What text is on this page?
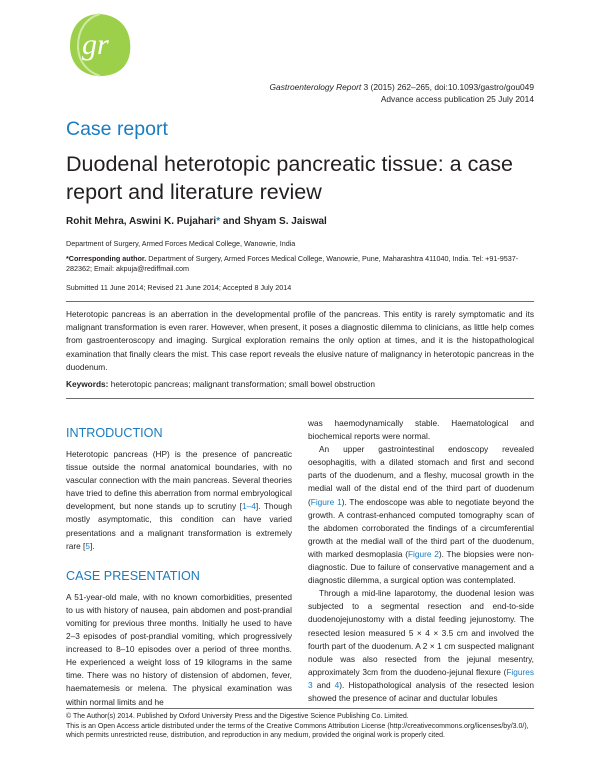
gr
Gastroenterology Report 3 (2015) 262–265, doi:10.1093/gastro/gou049
Advance access publication 25 July 2014
Case report
Duodenal heterotopic pancreatic tissue: a case report and literature review
Rohit Mehra, Aswini K. Pujahari* and Shyam S. Jaiswal
Department of Surgery, Armed Forces Medical College, Wanowrie, India
*Corresponding author. Department of Surgery, Armed Forces Medical College, Wanowrie, Pune, Maharashtra 411040, India. Tel: +91-9537-282362; Email: akpuja@rediffmail.com
Submitted 11 June 2014; Revised 21 June 2014; Accepted 8 July 2014
Heterotopic pancreas is an aberration in the developmental profile of the pancreas. This entity is rarely symptomatic and its malignant transformation is even rarer. However, when present, it poses a diagnostic dilemma to clinicians, as little help comes from gastroenteroscopy and imaging. Surgical exploration remains the only option at times, and it is the histopathological examination that finally clears the mist. This case report reveals the elusive nature of malignancy in heterotopic pancreas in the duodenum.
Keywords: heterotopic pancreas; malignant transformation; small bowel obstruction
INTRODUCTION

Heterotopic pancreas (HP) is the presence of pancreatic tissue outside the normal anatomical boundaries, with no vascular connection with the main pancreas. Several theories have tried to define this aberration from normal embryological development, but none stands up to scrutiny [1–4]. Though mostly asymptomatic, this condition can have varied presentations and a malignant transformation is extremely rare [5].

CASE PRESENTATION

A 51-year-old male, with no known comorbidities, presented to us with history of nausea, pain abdomen and post-prandial vomiting for previous three months. Initially he used to have 2–3 episodes of post-prandial vomiting, which progressively increased to 8–10 episodes over a period of three months. He experienced a weight loss of 19 kilograms in the same time. There was no history of distension of abdomen, fever, haematemesis or melena. The physical examination was within normal limits and he

was haemodynamically stable. Haematological and biochemical reports were normal.

An upper gastrointestinal endoscopy revealed oesophagitis, with a dilated stomach and first and second parts of the duodenum, and a fleshy, mucosal growth in the medial wall of the distal end of the third part of duodenum (Figure 1). The endoscope was able to negotiate beyond the growth. A contrast-enhanced computed tomography scan of the abdomen corroborated the findings of a circumferential growth at the medial wall of the third part of the duodenum, with marked desmoplasia (Figure 2). The biopsies were non-diagnostic. Due to failure of conservative management and a diagnostic dilemma, a surgical option was contemplated.

Through a mid-line laparotomy, the duodenal lesion was subjected to a segmental resection and end-to-side duodenojejunostomy with a distal feeding jejunostomy. The resected lesion measured 5 × 4 × 3.5 cm and involved the fourth part of the duodenum. A 2 × 1 cm suspected malignant nodule was also resected from the jejunal mesentry, approximately 3cm from the duodeno-jejunal flexure (Figures 3 and 4). Histopathological analysis of the resected lesion showed the presence of acinar and ductular lobules

© The Author(s) 2014. Published by Oxford University Press and the Digestive Science Publishing Co. Limited.
This is an Open Access article distributed under the terms of the Creative Commons Attribution License (http://creativecommons.org/licenses/by/3.0/), which permits unrestricted reuse, distribution, and reproduction in any medium, provided the original work is properly cited.
